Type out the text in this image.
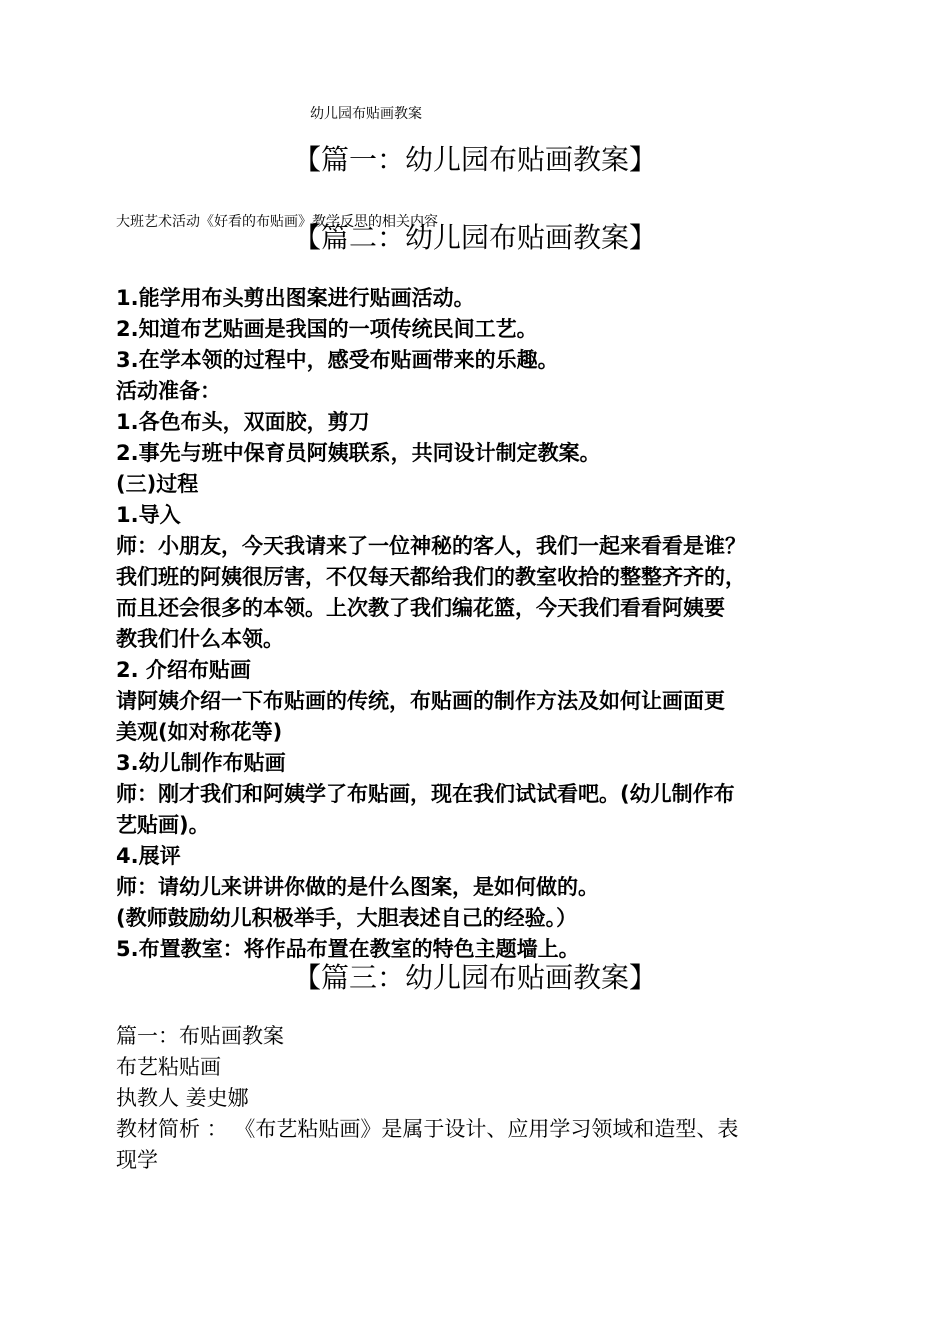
幼儿园布贴画教案
【篇一：幼儿园布贴画教案】
大班艺术活动《好看的布贴画》教学反思的相关内容
【篇二：幼儿园布贴画教案】
1.能学用布头剪出图案进行贴画活动。
2.知道布艺贴画是我国的一项传统民间工艺。
3.在学本领的过程中，感受布贴画带来的乐趣。
活动准备：
1.各色布头，双面胶，剪刀
2.事先与班中保育员阿姨联系，共同设计制定教案。
(三)过程
1.导入
师：小朋友，今天我请来了一位神秘的客人，我们一起来看看是谁？
我们班的阿姨很厉害，不仅每天都给我们的教室收拾的整整齐齐的，
而且还会很多的本领。上次教了我们编花篮，今天我们看看阿姨要
教我们什么本领。
2. 介绍布贴画
请阿姨介绍一下布贴画的传统，布贴画的制作方法及如何让画面更
美观(如对称花等)
3.幼儿制作布贴画
师：刚才我们和阿姨学了布贴画，现在我们试试看吧。(幼儿制作布
艺贴画)。
4.展评
师：请幼儿来讲讲你做的是什么图案，是如何做的。
(教师鼓励幼儿积极举手，大胆表述自己的经验。）
5.布置教室：将作品布置在教室的特色主题墙上。
【篇三：幼儿园布贴画教案】
篇一：布贴画教案
布艺粘贴画
执教人 姜史娜
教材简析 ： 《布艺粘贴画》是属于设计、应用学习领域和造型、表
现学
